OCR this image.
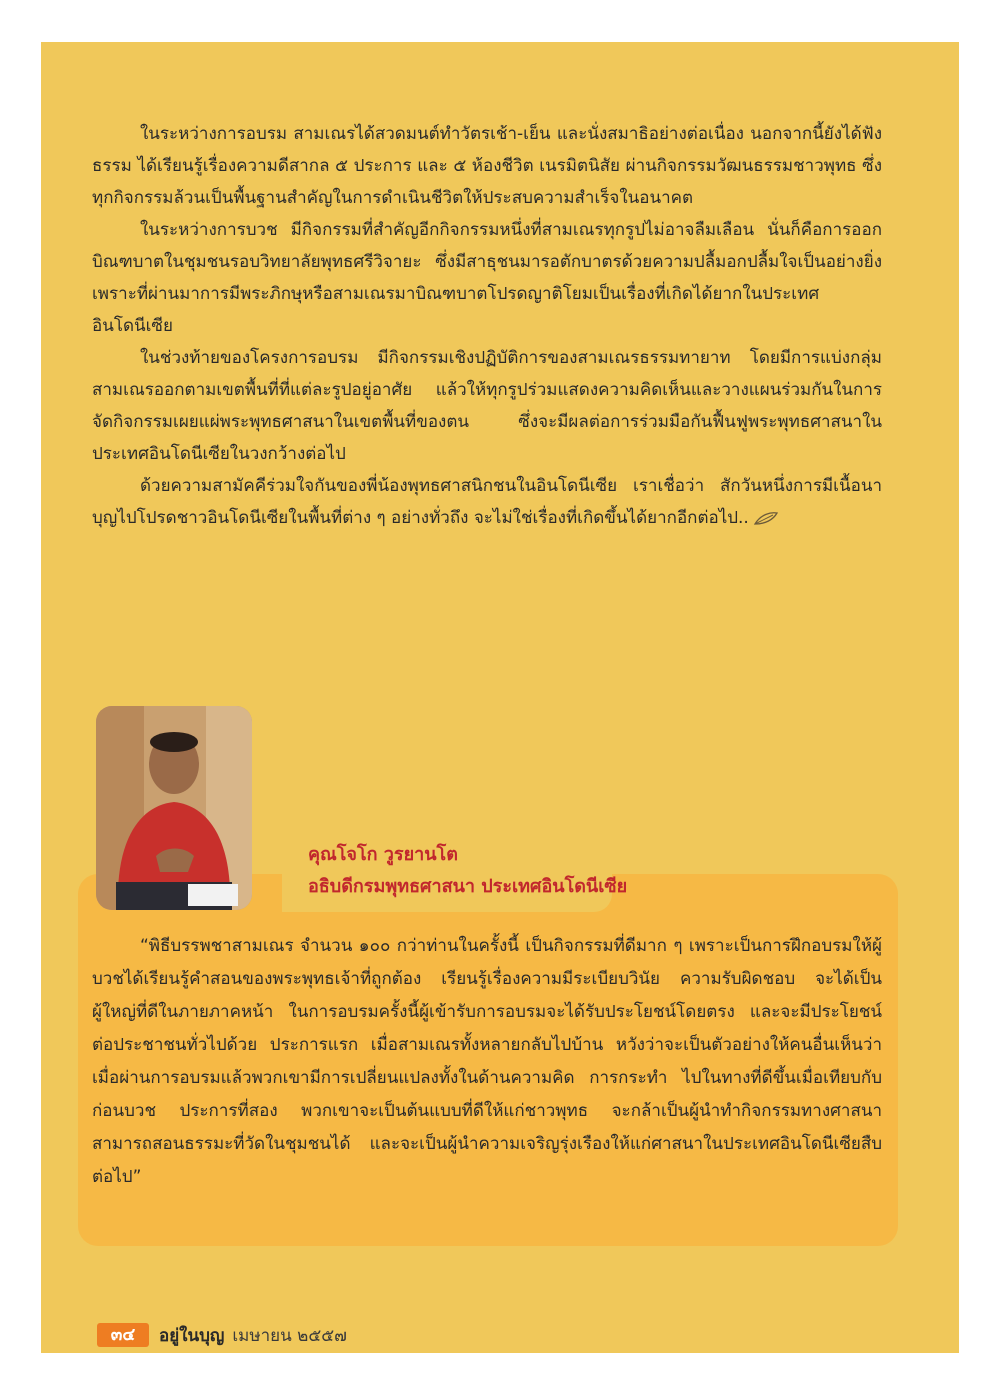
ในระหว่างการอบรม สามเณรได้สวดมนต์ทำวัตรเช้า-เย็น และนั่งสมาธิอย่างต่อเนื่อง นอกจากนี้ยังได้ฟังธรรม ได้เรียนรู้เรื่องความดีสากล ๕ ประการ และ ๕ ห้องชีวิต เนรมิตนิสัย ผ่านกิจกรรมวัฒนธรรมชาวพุทธ ซึ่งทุกกิจกรรมล้วนเป็นพื้นฐานสำคัญในการดำเนินชีวิตให้ประสบความสำเร็จในอนาคต

ในระหว่างการบวช มีกิจกรรมที่สำคัญอีกกิจกรรมหนึ่งที่สามเณรทุกรูปไม่อาจลืมเลือน นั่นก็คือการออกบิณฑบาตในชุมชนรอบวิทยาลัยพุทธศรีวิจายะ ซึ่งมีสาธุชนมารอตักบาตรด้วยความปลื้มอกปลื้มใจเป็นอย่างยิ่ง เพราะที่ผ่านมาการมีพระภิกษุหรือสามเณรมาบิณฑบาตโปรดญาติโยมเป็นเรื่องที่เกิดได้ยากในประเทศอินโดนีเซีย

ในช่วงท้ายของโครงการอบรม มีกิจกรรมเชิงปฏิบัติการของสามเณรธรรมทายาท โดยมีการแบ่งกลุ่มสามเณรออกตามเขตพื้นที่ที่แต่ละรูปอยู่อาศัย แล้วให้ทุกรูปร่วมแสดงความคิดเห็นและวางแผนร่วมกันในการจัดกิจกรรมเผยแผ่พระพุทธศาสนาในเขตพื้นที่ของตน ซึ่งจะมีผลต่อการร่วมมือกันฟื้นฟูพระพุทธศาสนาในประเทศอินโดนีเซียในวงกว้างต่อไป

ด้วยความสามัคคีร่วมใจกันของพี่น้องพุทธศาสนิกชนในอินโดนีเซีย เราเชื่อว่า สักวันหนึ่งการมีเนื้อนาบุญไปโปรดชาวอินโดนีเซียในพื้นที่ต่าง ๆ อย่างทั่วถึง จะไม่ใช่เรื่องที่เกิดขึ้นได้ยากอีกต่อไป..

คุณโจโก วูรยานโต
อธิบดีกรมพุทธศาสนา ประเทศอินโดนีเซีย

“พิธีบรรพชาสามเณร จำนวน ๑๐๐ กว่าท่านในครั้งนี้ เป็นกิจกรรมที่ดีมาก ๆ เพราะเป็นการฝึกอบรมให้ผู้บวชได้เรียนรู้คำสอนของพระพุทธเจ้าที่ถูกต้อง เรียนรู้เรื่องความมีระเบียบวินัย ความรับผิดชอบ จะได้เป็นผู้ใหญ่ที่ดีในภายภาคหน้า ในการอบรมครั้งนี้ผู้เข้ารับการอบรมจะได้รับประโยชน์โดยตรง และจะมีประโยชน์ต่อประชาชนทั่วไปด้วย ประการแรก เมื่อสามเณรทั้งหลายกลับไปบ้าน หวังว่าจะเป็นตัวอย่างให้คนอื่นเห็นว่า เมื่อผ่านการอบรมแล้วพวกเขามีการเปลี่ยนแปลงทั้งในด้านความคิด การกระทำ ไปในทางที่ดีขึ้นเมื่อเทียบกับก่อนบวช ประการที่สอง พวกเขาจะเป็นต้นแบบที่ดีให้แก่ชาวพุทธ จะกล้าเป็นผู้นำทำกิจกรรมทางศาสนา สามารถสอนธรรมะที่วัดในชุมชนได้ และจะเป็นผู้นำความเจริญรุ่งเรืองให้แก่ศาสนาในประเทศอินโดนีเซียสืบต่อไป”

๓๔	อยู่ในบุญ เมษายน ๒๕๕๗
